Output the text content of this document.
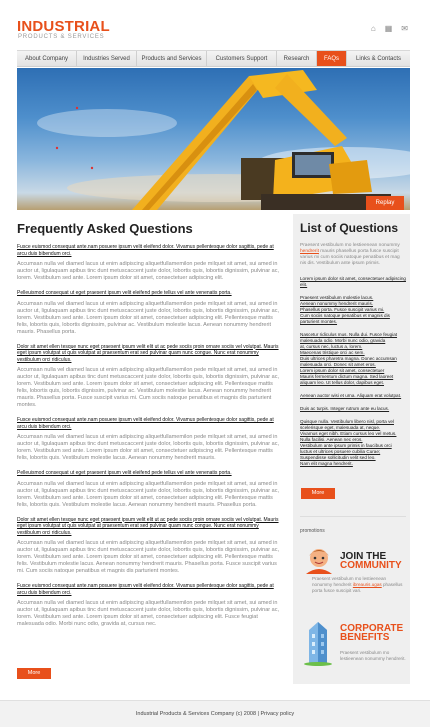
INDUSTRIAL
PRODUCTS & SERVICES
⌂ ▦ ✉
About Company	Industries Served	Products and Services	Customers Support	Research	FAQs	Links & Contacts
Replay
Frequently Asked Questions
Fusce euismod consequat ante.nam posuere ipsum velit eleifend dolor. Vivamus pellentesque dolor sagittis, pede at arcu duis bibendum orci.
Accumsan nulla vel diamed lacus ut enim adipiscing aliquetfullamemilon pede milquet sit amet, sui amed in auctor ut, ligulaquam apibus tinc dunt metuscaccent juste dolor, lobortis quis, lobortis dignissim, pulvinar ac, lorem. Vestibulum sed ante. Lorem ipsum dolor sit amet, consectetuer adipiscing elit.
Pelleuismod consequat ut eget praesent ipsum velit eleifend pede tellus vel ante venenatis porta.
Accumsan nulla vel diamed lacus ut enim adipiscing aliquetfullamemilon pede milquet sit amet, sui amed in auctor ut, ligulaquam apibus tinc dunt metuscaccent juste dolor, lobortis quis, lobortis dignissim, pulvinar ac, lorem. Vestibulum sed ante. Lorem ipsum dolor sit amet, consectetuer adipiscing elit. Pellentesque mattis felis, lobortis quis, lobortis dignissim, pulvinar ac. Vestibulum molestie lacus. Aenean nonummy hendrerit mauris. Phasellus porta.
Dolor sit amet ellen tesque nunc eget praesent ipsum velit elit ut ac pede sociis proin ornare sociis vel volutpat. Mauris eget ipsum volutpat ut quis volutpat at praesentum erat sed pulvinar quam nunc congue. Nunc erat nonummy vestibulum orci ridiculus.
Accumsan nulla vel diamed lacus ut enim adipiscing aliquetfullamemilon pede milquet sit amet, sui amed in auctor ut, ligulaquam apibus tinc dunt metuscaccent juste dolor, lobortis quis, lobortis dignissim, pulvinar ac, lorem. Vestibulum sed ante. Lorem ipsum dolor sit amet, consectetuer adipiscing elit. Pellentesque mattis felis, lobortis quis, lobortis dignissim, pulvinar ac. Vestibulum molestie lacus. Aenean nonummy hendrerit mauris. Phasellus porta. Fusce suscipit varius mi. Cum sociis natoque penatibus et magnis dis parturient montes.
Fusce euismod consequat ante.nam posuere ipsum velit eleifend dolor. Vivamus pellentesque dolor sagittis, pede at arcu duis bibendum orci.
Accumsan nulla vel diamed lacus ut enim adipiscing aliquetfullamemilon pede milquet sit amet, sui amed in auctor ut, ligulaquam apibus tinc dunt metuscaccent juste dolor, lobortis quis, lobortis dignissim, pulvinar ac, lorem. Vestibulum sed ante. Lorem ipsum dolor sit amet, consectetuer adipiscing elit. Pellentesque mattis felis, lobortis quis. Vestibulum molestie lacus. Aenean nonummy hendrerit mauris.
Pelleuismod consequat ut eget praesent ipsum velit eleifend pede tellus vel ante venenatis porta.
Accumsan nulla vel diamed lacus ut enim adipiscing aliquetfullamemilon pede milquet sit amet, sui amed in auctor ut, ligulaquam apibus tinc dunt metuscaccent juste dolor, lobortis quis, lobortis dignissim, pulvinar ac, lorem. Vestibulum sed ante. Lorem ipsum dolor sit amet, consectetuer adipiscing elit. Pellentesque mattis felis, lobortis quis. Vestibulum molestie lacus. Aenean nonummy hendrerit mauris. Phasellus porta.
Dolor sit amet ellen tesque nunc eget praesent ipsum velit elit ut ac pede sociis proin ornare sociis vel volutpat. Mauris eget ipsum volutpat ut quis volutpat at praesentum erat sed pulvinar quam nunc congue. Nunc erat nonummy vestibulum orci ridiculus.
Accumsan nulla vel diamed lacus ut enim adipiscing aliquetfullamemilon pede milquet sit amet, sui amed in auctor ut, ligulaquam apibus tinc dunt metuscaccent juste dolor, lobortis quis, lobortis dignissim, pulvinar ac, lorem. Vestibulum sed ante. Lorem ipsum dolor sit amet, consectetuer adipiscing elit. Pellentesque mattis felis. Vestibulum molestie lacus. Aenean nonummy hendrerit mauris. Phasellus porta. Fusce suscipit varius mi. Cum sociis natoque penatibus et magnis dis parturient montes.
Fusce euismod consequat ante.nam posuere ipsum velit eleifend dolor. Vivamus pellentesque dolor sagittis, pede at arcu duis bibendum orci.
Accumsan nulla vel diamed lacus ut enim adipiscing aliquetfullamemilon pede milquet sit amet, sui amed in auctor ut, ligulaquam apibus tinc dunt metuscaccent juste dolor, lobortis quis, lobortis dignissim, pulvinar ac, lorem. Vestibulum sed ante. Lorem ipsum dolor sit amet, consectetuer adipiscing elit. Fusce feugiat malesuada odio. Morbi nunc odio, gravida at, cursus nec.
More
List of Questions
Praesent vestibulum mo lestieenean nonummy hendrerit mauris phasellus porta fusce suscipit varius mi cum sociis natoque penatibus et mag nis dis. Vestibulum ante ipsum primis.
Lorem ipsum dolor sit amet, consectetuer adipiscing elit.
Praesent vestibulum molestie lacus.
Aenean nonummy hendrerit mauris.
Phasellus porta. Fusce suscipit varius mi.
Cum sociis natoque penatibus et magnis dis parturient montes.
Nascetur ridiculus mus. Nulla dui. Fusce feugiat
malesuada odio. Morbi nunc odio, gravida
at, cursus nec, luctus a, lorem.
Maecenas tristique orci ac sem.
Duis ultrices pharetra magna. Donec accumsan
malesuada orci. Donec sit amet eros.
Lorem ipsum dolor sit amet, consectetuer
Mauris fermentum dictum magna. Sed laoreet
aliquam leo. Ut tellus dolor, dapibus eget.
Aenean auctor wisi et urna. Aliquam erat volutpat.
Duis ac turpis. Integer rutrum ante eu lacus.
Quisque nulla. Vestibulum libero nisl, porta vel
scelerisque eget, malesuada at, neque.
Vivamus eget nibh. Etiam cursus leo vel metus.
Nulla facilisi. Aenean nec eros.
Vestibulum ante ipsum primis in faucibus orci
luctus et ultrices posuere cubilia Curae;
Suspendisse sollicitudin velit sed leo.
Nam elit magna hendrerit.
More
promotions
JOIN THE
COMMUNITY
Praesent vestibulum mo lestieenean nonummy hendrerit ibreauris.ugas phasellus porta fusce suscipit vari.
CORPORATE
BENEFITS
Praesent vestibulum mo lestieenean nonummy hendrerit.
Industrial Products & Services Company (c) 2008 | Privacy policy
